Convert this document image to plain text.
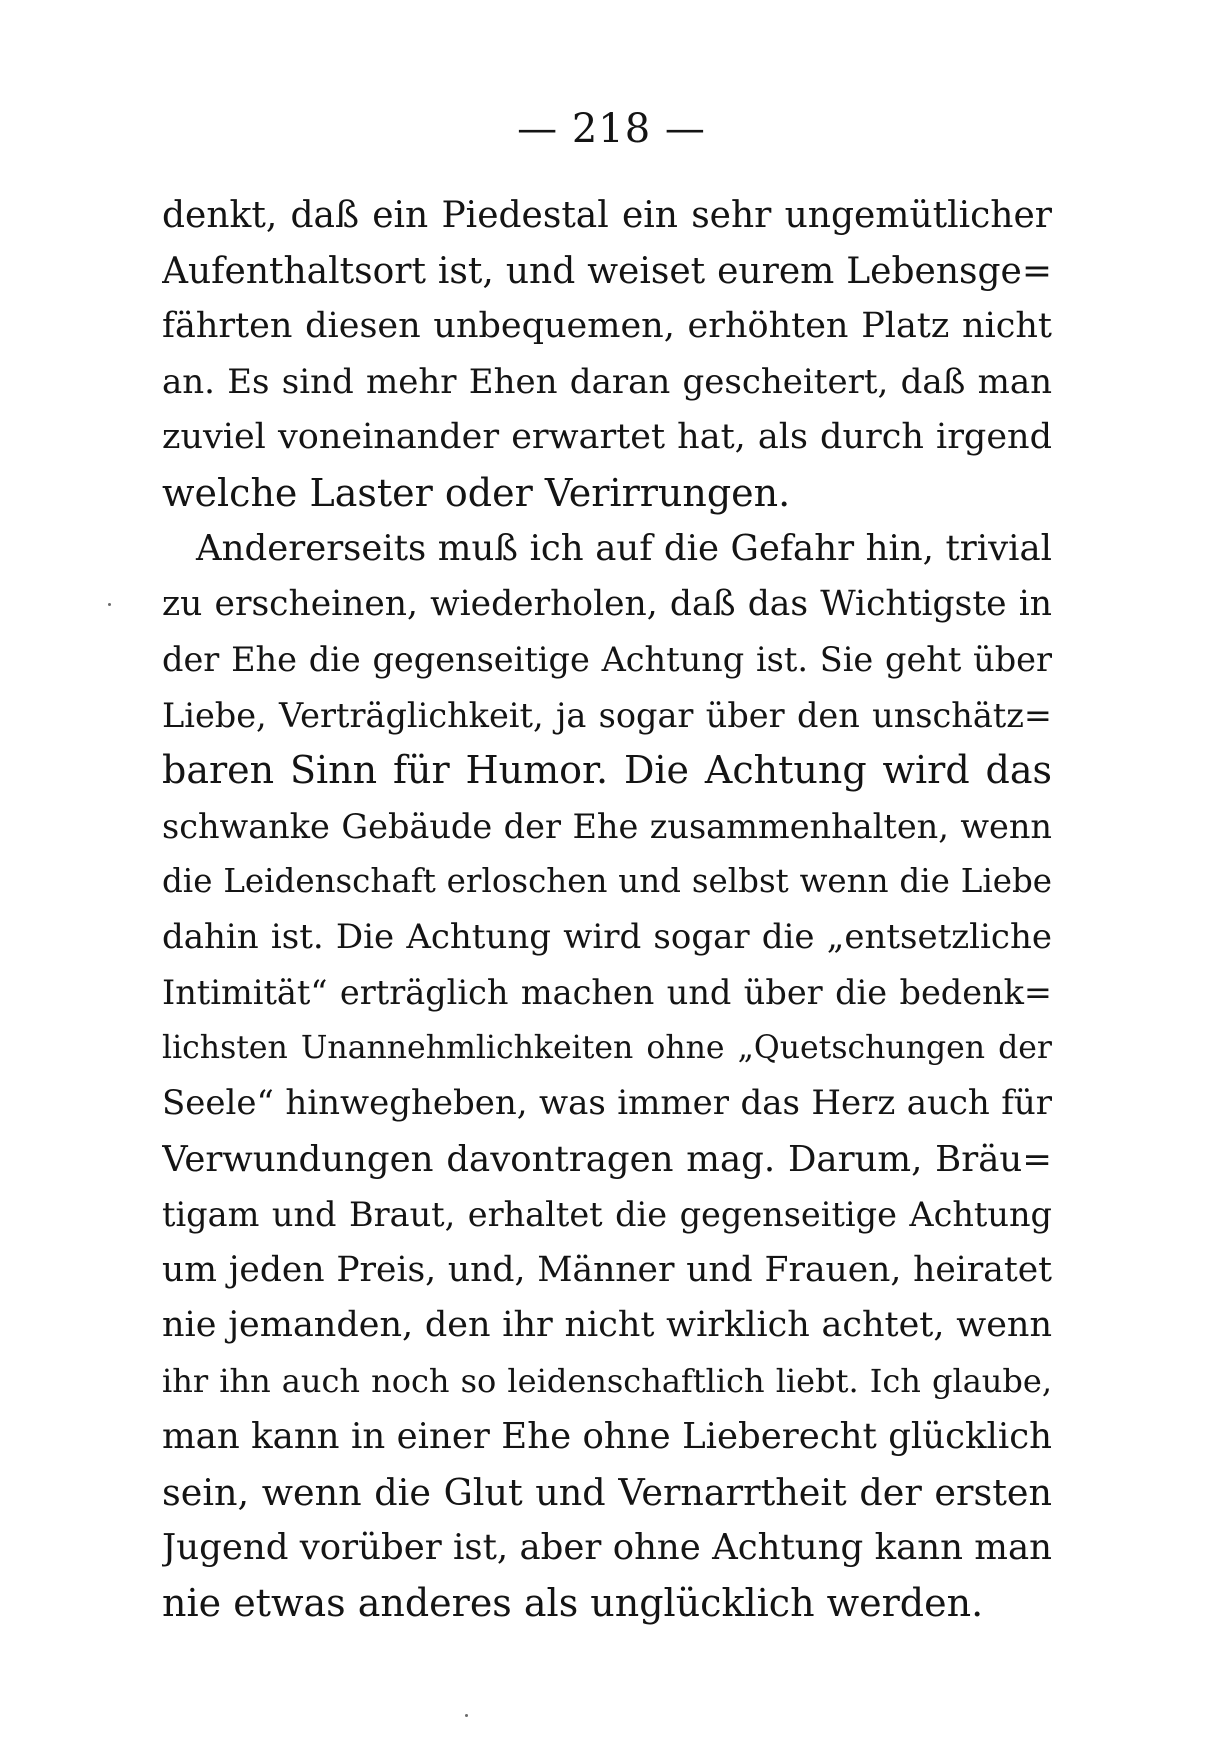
— 218 —
denkt, daß ein Piedestal ein sehr ungemütlicher
Aufenthaltsort ist, und weiset eurem Lebensge=
fährten diesen unbequemen, erhöhten Platz nicht
an. Es sind mehr Ehen daran gescheitert, daß man
zuviel voneinander erwartet hat, als durch irgend
welche Laster oder Verirrungen.
Andererseits muß ich auf die Gefahr hin, trivial
zu erscheinen, wiederholen, daß das Wichtigste in
der Ehe die gegenseitige Achtung ist. Sie geht über
Liebe, Verträglichkeit, ja sogar über den unschätz=
baren Sinn für Humor. Die Achtung wird das
schwanke Gebäude der Ehe zusammenhalten, wenn
die Leidenschaft erloschen und selbst wenn die Liebe
dahin ist. Die Achtung wird sogar die „entsetzliche
Intimität“ erträglich machen und über die bedenk=
lichsten Unannehmlichkeiten ohne „Quetschungen der
Seele“ hinwegheben, was immer das Herz auch für
Verwundungen davontragen mag. Darum, Bräu=
tigam und Braut, erhaltet die gegenseitige Achtung
um jeden Preis, und, Männer und Frauen, heiratet
nie jemanden, den ihr nicht wirklich achtet, wenn
ihr ihn auch noch so leidenschaftlich liebt. Ich glaube,
man kann in einer Ehe ohne Lieberecht glücklich
sein, wenn die Glut und Vernarrtheit der ersten
Jugend vorüber ist, aber ohne Achtung kann man
nie etwas anderes als unglücklich werden.
